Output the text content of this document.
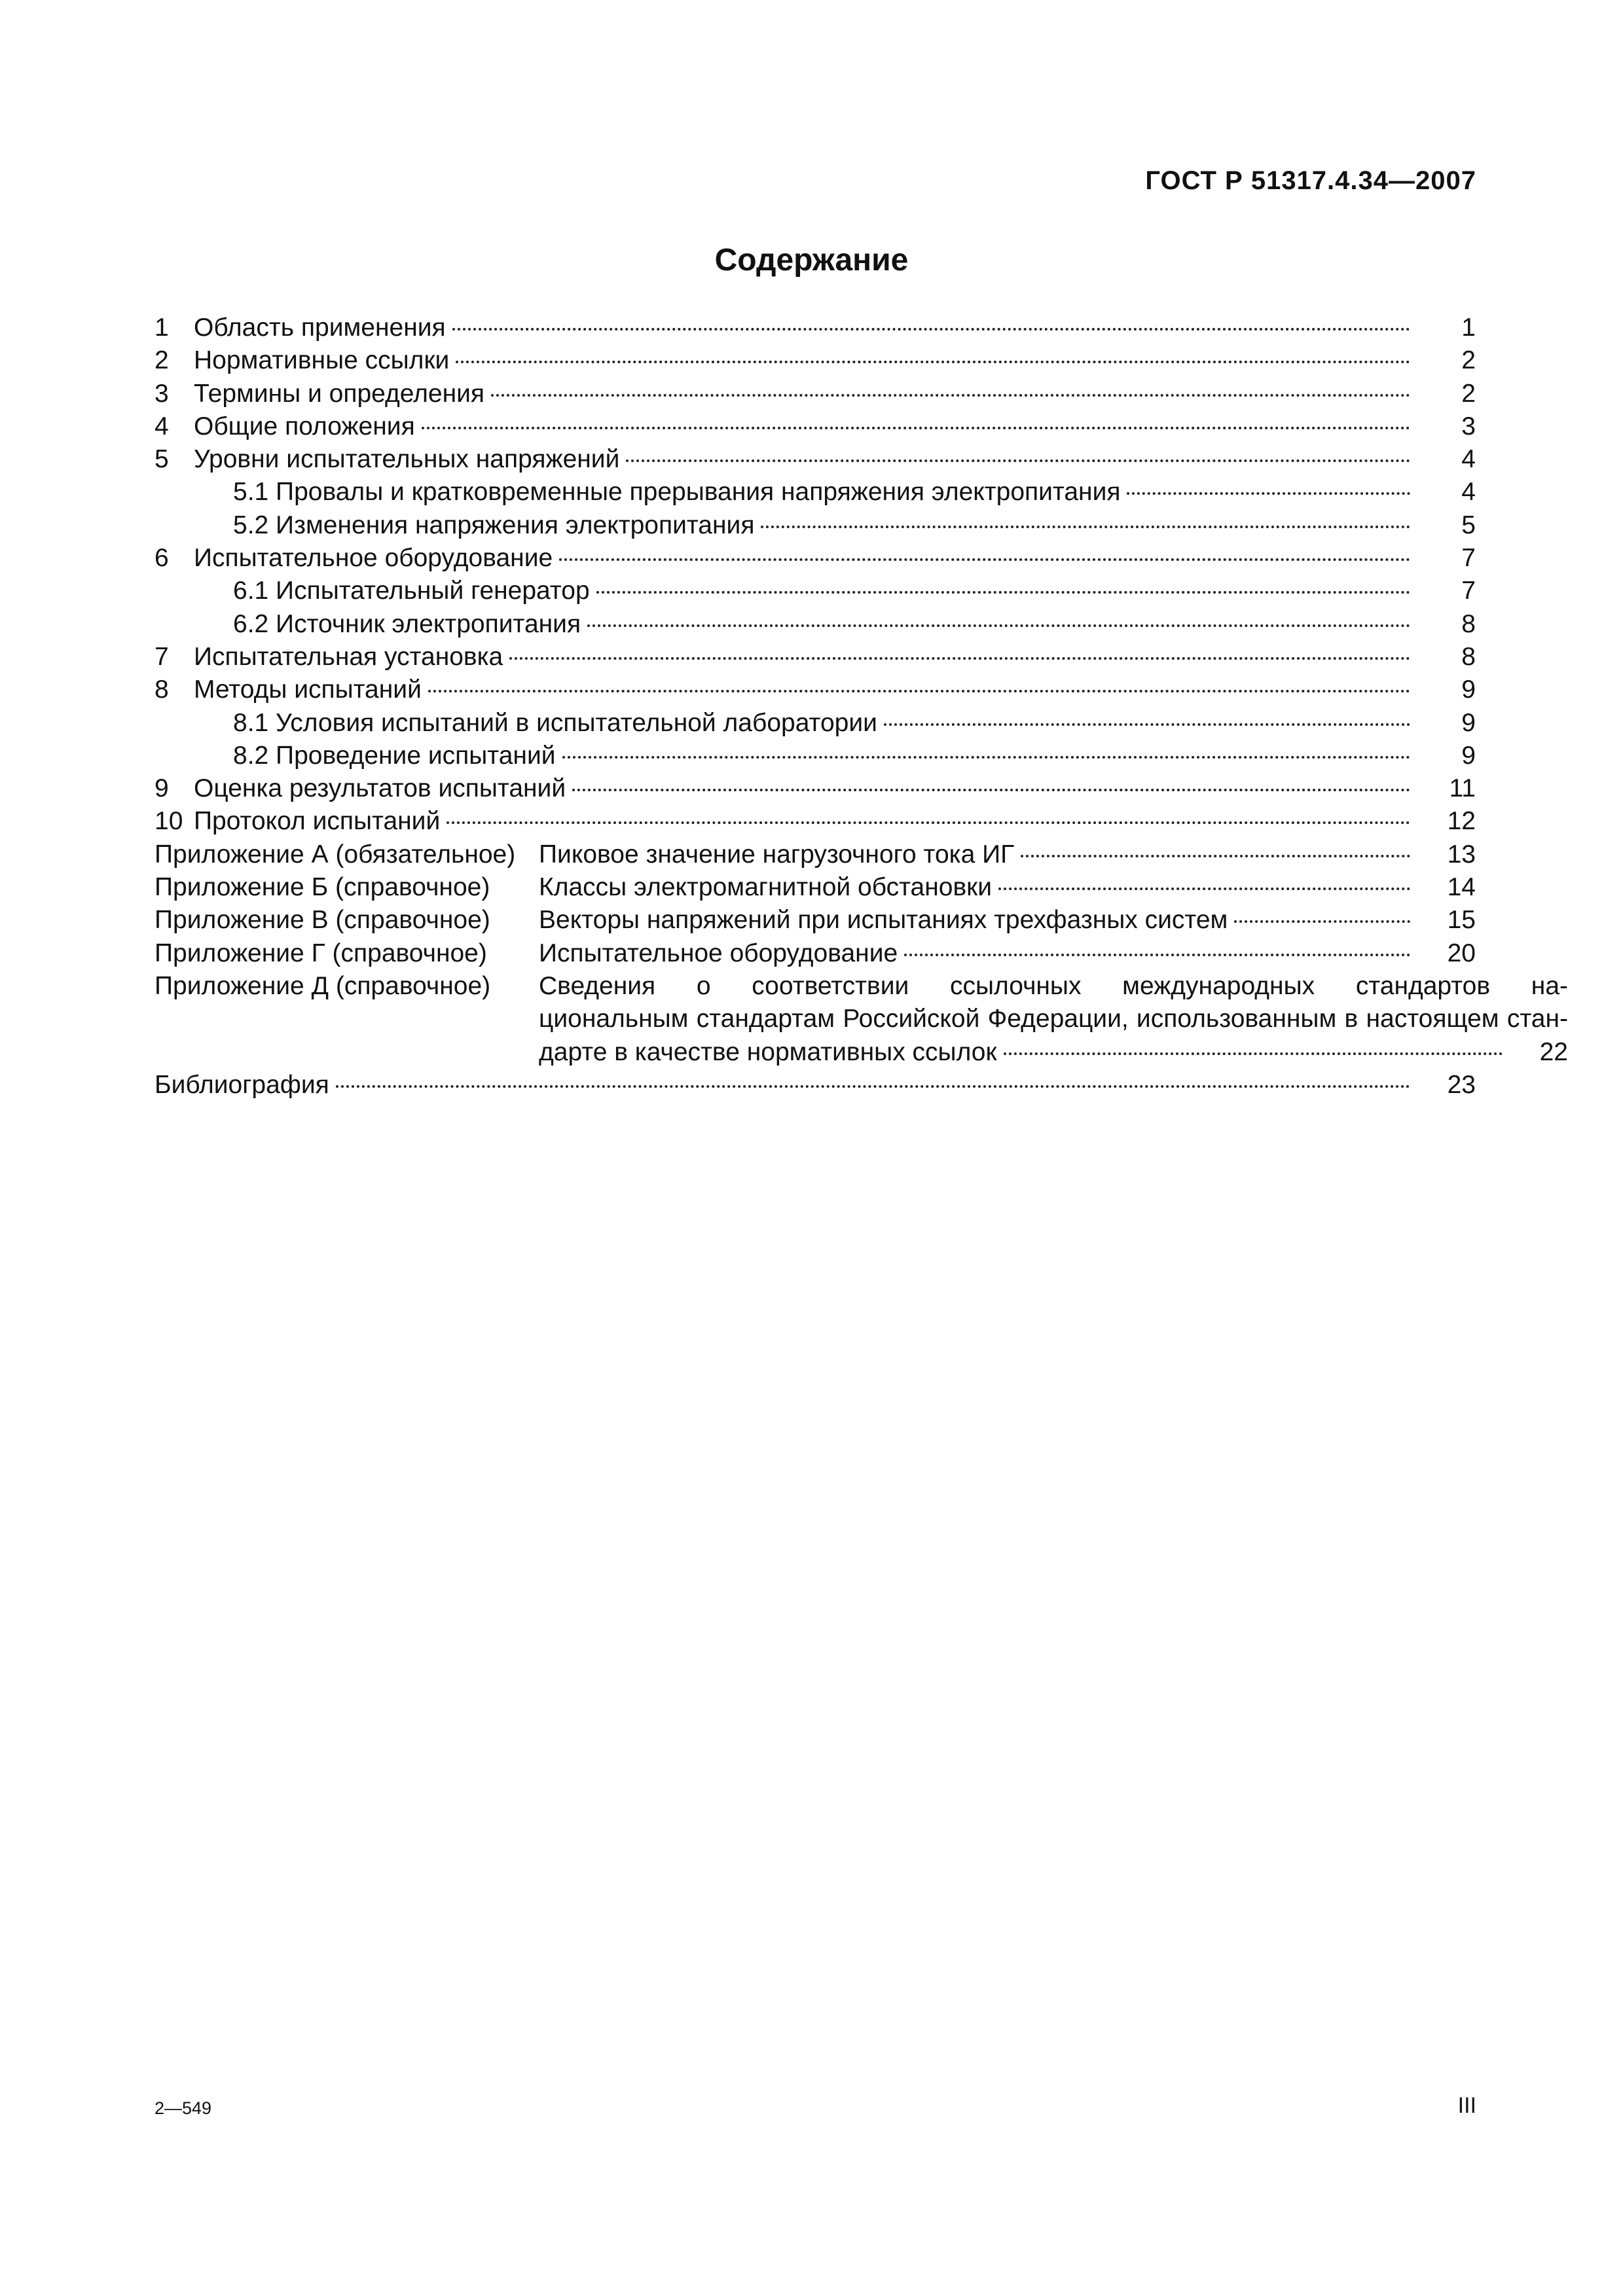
ГОСТ Р 51317.4.34—2007
Содержание
1 Область применения	1
2 Нормативные ссылки	2
3 Термины и определения	2
4 Общие положения	3
5 Уровни испытательных напряжений	4
5.1 Провалы и кратковременные прерывания напряжения электропитания	4
5.2 Изменения напряжения электропитания	5
6 Испытательное оборудование	7
6.1 Испытательный генератор	7
6.2 Источник электропитания	8
7 Испытательная установка	8
8 Методы испытаний	9
8.1 Условия испытаний в испытательной лаборатории	9
8.2 Проведение испытаний	9
9 Оценка результатов испытаний	11
10 Протокол испытаний	12
Приложение А (обязательное) Пиковое значение нагрузочного тока ИГ	13
Приложение Б (справочное)	Классы электромагнитной обстановки	14
Приложение В (справочное)	Векторы напряжений при испытаниях трехфазных систем	15
Приложение Г (справочное)	Испытательное оборудование	20
Приложение Д (справочное)	Сведения о соответствии ссылочных международных стандартов на-
циональным стандартам Российской Федерации, использованным в настоящем стан-
дарте в качестве нормативных ссылок	22
Библиография	23
2—549	III
